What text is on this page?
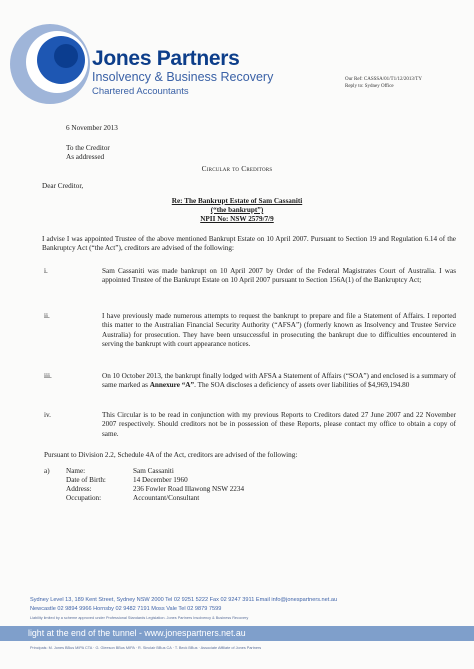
Jones Partners
Insolvency & Business Recovery
Chartered Accountants
Our Ref: CASSSA/01/T1/12/2013/TY
Reply to: Sydney Office
6 November 2013
To the Creditor
As addressed
Circular to Creditors
Dear Creditor,
Re: The Bankrupt Estate of Sam Cassaniti
(“the bankrupt”)
NPII No: NSW 2579/7/9
I advise I was appointed Trustee of the above mentioned Bankrupt Estate on 10 April 2007. Pursuant to Section 19 and Regulation 6.14 of the Bankruptcy Act (“the Act”), creditors are advised of the following:
i.	Sam Cassaniti was made bankrupt on 10 April 2007 by Order of the Federal Magistrates Court of Australia. I was appointed Trustee of the Bankrupt Estate on 10 April 2007 pursuant to Section 156A(1) of the Bankruptcy Act;
ii.	I have previously made numerous attempts to request the bankrupt to prepare and file a Statement of Affairs. I reported this matter to the Australian Financial Security Authority (“AFSA”) (formerly known as Insolvency and Trustee Service Australia) for prosecution. They have been unsuccessful in prosecuting the bankrupt due to difficulties encountered in serving the bankrupt with court appearance notices.
iii.	On 10 October 2013, the bankrupt finally lodged with AFSA a Statement of Affairs (“SOA”) and enclosed is a summary of same marked as Annexure “A”. The SOA discloses a deficiency of assets over liabilities of $4,969,194.80
iv.	This Circular is to be read in conjunction with my previous Reports to Creditors dated 27 June 2007 and 22 November 2007 respectively. Should creditors not be in possession of these Reports, please contact my office to obtain a copy of same.
Pursuant to Division 2.2, Schedule 4A of the Act, creditors are advised of the following:
a) Name:	Sam Cassaniti
Date of Birth:	14 December 1960
Address:	236 Fowler Road Illawong NSW 2234
Occupation:	Accountant/Consultant
Sydney Level 13, 189 Kent Street, Sydney NSW 2000 Tel 02 9251 5222 Fax 02 9247 3911 Email info@jonespartners.net.au
Newcastle 02 9894 9966 Hornsby 02 9482 7191 Moss Vale Tel 02 9879 7599
Liability limited by a scheme approved under Professional Standards Legislation. Jones Partners Insolvency & Business Recovery
light at the end of the tunnel - www.jonespartners.net.au
Principals: M. Jones BBus MIPA CTA · G. Gleeson BBus MIPA · R. Sinclair BBus CA · T. Beck BBus · Associate Affiliate of Jones Partners
